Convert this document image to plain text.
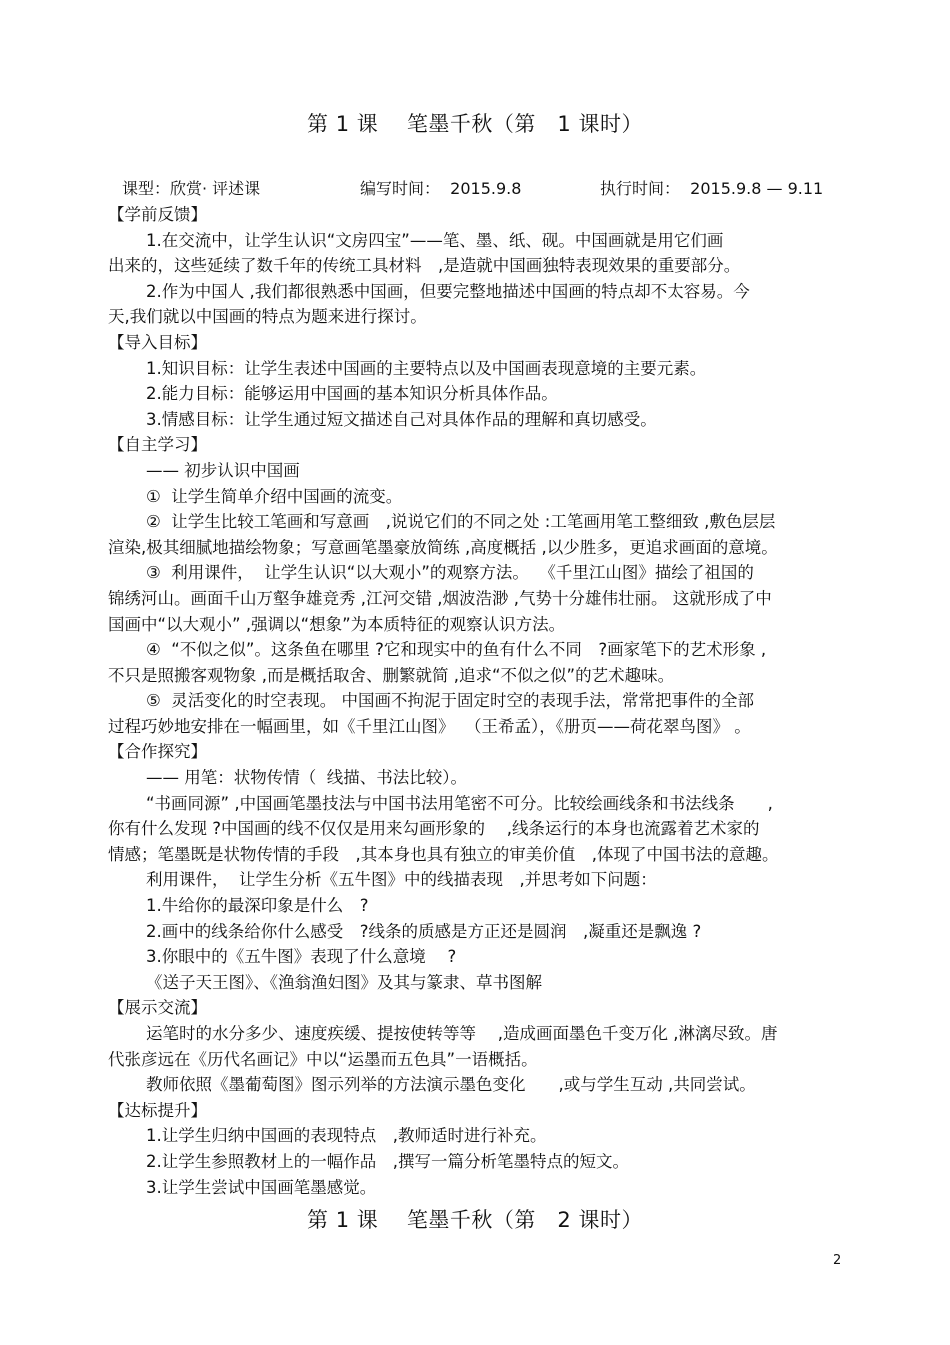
第 1 课　 笔墨千秋（第　1 课时）
课型：欣赏· 评述课	编写时间：  2015.9.8	执行时间：  2015.9.8 — 9.11
【学前反馈】
1.在交流中，让学生认识“文房四宝”——笔、墨、纸、砚。中国画就是用它们画
出来的，这些延续了数千年的传统工具材料　,是造就中国画独特表现效果的重要部分。
2.作为中国人 ,我们都很熟悉中国画，但要完整地描述中国画的特点却不太容易。今
天,我们就以中国画的特点为题来进行探讨。
【导入目标】
1.知识目标：让学生表述中国画的主要特点以及中国画表现意境的主要元素。
2.能力目标：能够运用中国画的基本知识分析具体作品。
3.情感目标：让学生通过短文描述自己对具体作品的理解和真切感受。
【自主学习】
—— 初步认识中国画
①  让学生简单介绍中国画的流变。
②  让学生比较工笔画和写意画　,说说它们的不同之处 :工笔画用笔工整细致 ,敷色层层
渲染,极其细腻地描绘物象；写意画笔墨豪放简练 ,高度概括 ,以少胜多，更追求画面的意境。
③  利用课件，  让学生认识“以大观小”的观察方法。  《千里江山图》描绘了祖国的
锦绣河山。画面千山万壑争雄竞秀 ,江河交错 ,烟波浩渺 ,气势十分雄伟壮丽。 这就形成了中
国画中“以大观小” ,强调以“想象”为本质特征的观察认识方法。
④  “不似之似”。这条鱼在哪里 ?它和现实中的鱼有什么不同　?画家笔下的艺术形象 ,
不只是照搬客观物象 ,而是概括取舍、删繁就简 ,追求“不似之似”的艺术趣味。
⑤  灵活变化的时空表现。 中国画不拘泥于固定时空的表现手法，常常把事件的全部
过程巧妙地安排在一幅画里，如《千里江山图》  （王希孟），《册页——荷花翠鸟图》 。
【合作探究】
—— 用笔：状物传情（  线描、书法比较）。
“书画同源” ,中国画笔墨技法与中国书法用笔密不可分。比较绘画线条和书法线条　　,
你有什么发现 ?中国画的线不仅仅是用来勾画形象的　 ,线条运行的本身也流露着艺术家的
情感；笔墨既是状物传情的手段　,其本身也具有独立的审美价值　,体现了中国书法的意趣。
利用课件，  让学生分析《五牛图》中的线描表现　,并思考如下问题：
1.牛给你的最深印象是什么　?
2.画中的线条给你什么感受　?线条的质感是方正还是圆润　,凝重还是飘逸 ?
3.你眼中的《五牛图》表现了什么意境　 ?
《送子天王图》、《渔翁渔妇图》及其与篆隶、草书图解
【展示交流】
运笔时的水分多少、速度疾缓、提按使转等等　 ,造成画面墨色千变万化 ,淋漓尽致。唐
代张彦远在《历代名画记》中以“运墨而五色具”一语概括。
教师依照《墨葡萄图》图示列举的方法演示墨色变化　　,或与学生互动 ,共同尝试。
【达标提升】
1.让学生归纳中国画的表现特点　,教师适时进行补充。
2.让学生参照教材上的一幅作品　,撰写一篇分析笔墨特点的短文。
3.让学生尝试中国画笔墨感觉。
第 1 课　 笔墨千秋（第　2 课时）
2
